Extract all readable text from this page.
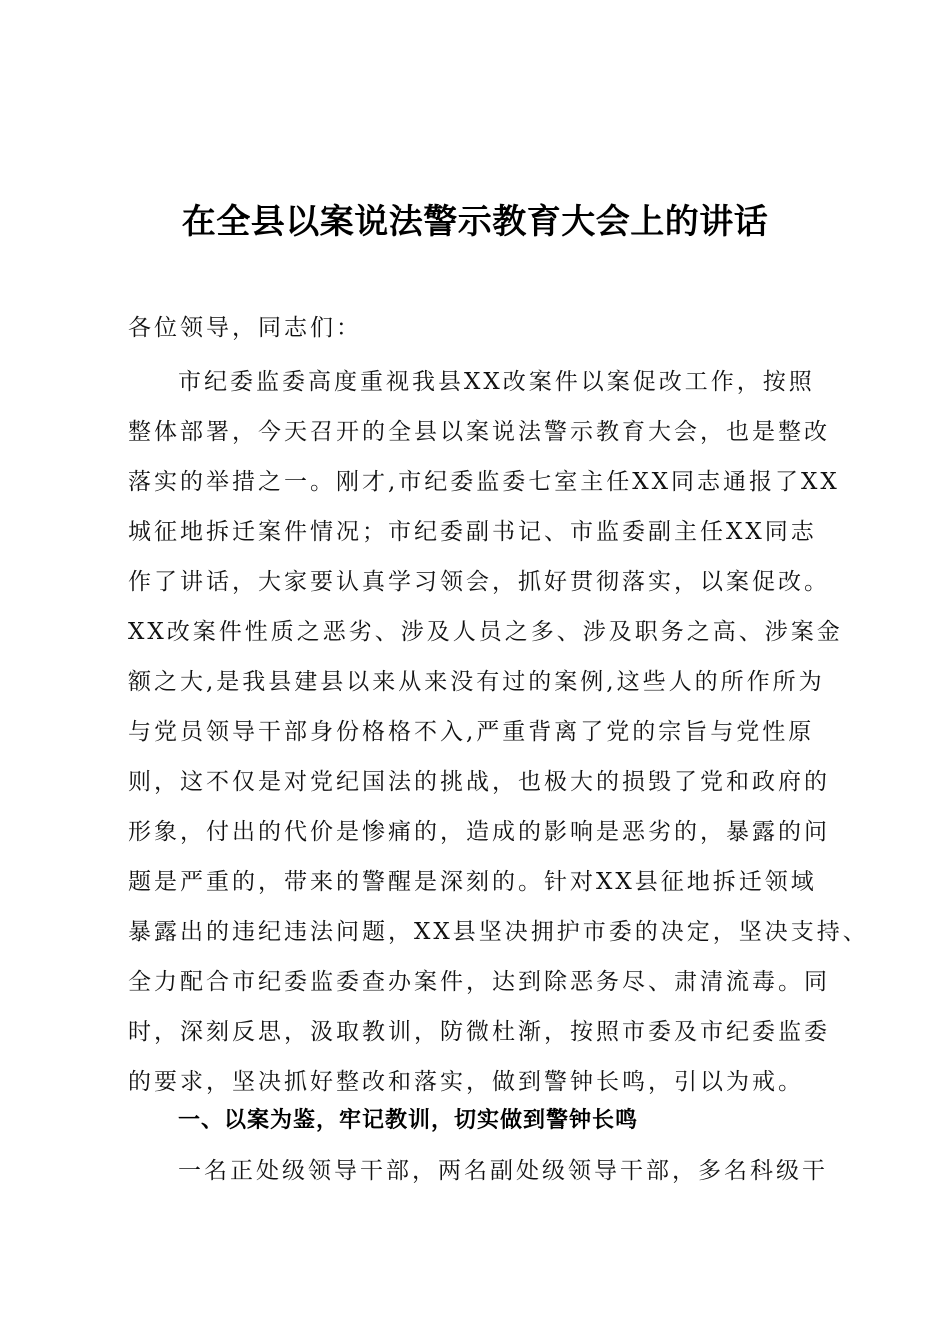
在全县以案说法警示教育大会上的讲话

各位领导，同志们：

市纪委监委高度重视我县XX改案件以案促改工作，按照
整体部署，今天召开的全县以案说法警示教育大会，也是整改
落实的举措之一。刚才,市纪委监委七室主任XX同志通报了XX
城征地拆迁案件情况；市纪委副书记、市监委副主任XX同志
作了讲话，大家要认真学习领会，抓好贯彻落实，以案促改。
XX改案件性质之恶劣、涉及人员之多、涉及职务之高、涉案金
额之大,是我县建县以来从来没有过的案例,这些人的所作所为
与党员领导干部身份格格不入,严重背离了党的宗旨与党性原
则，这不仅是对党纪国法的挑战，也极大的损毁了党和政府的
形象，付出的代价是惨痛的，造成的影响是恶劣的，暴露的问
题是严重的，带来的警醒是深刻的。针对XX县征地拆迁领域
暴露出的违纪违法问题，XX县坚决拥护市委的决定，坚决支持、
全力配合市纪委监委查办案件，达到除恶务尽、肃清流毒。同
时，深刻反思，汲取教训，防微杜渐，按照市委及市纪委监委
的要求，坚决抓好整改和落实，做到警钟长鸣，引以为戒。
一、以案为鉴，牢记教训，切实做到警钟长鸣

一名正处级领导干部，两名副处级领导干部，多名科级干
